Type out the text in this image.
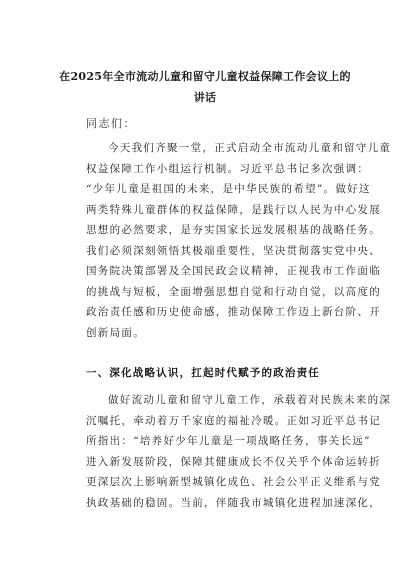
在2025年全市流动儿童和留守儿童权益保障工作会议上的
讲话
同志们：
今天我们齐聚一堂，正式启动全市流动儿童和留守儿童
权益保障工作小组运行机制。习近平总书记多次强调：
“少年儿童是祖国的未来，是中华民族的希望”。做好这
两类特殊儿童群体的权益保障，是践行以人民为中心发展
思想的必然要求，是夯实国家长远发展根基的战略任务。
我们必须深刻领悟其极端重要性，坚决贯彻落实党中央、
国务院决策部署及全国民政会议精神，正视我市工作面临
的挑战与短板，全面增强思想自觉和行动自觉，以高度的
政治责任感和历史使命感，推动保障工作迈上新台阶、开
创新局面。
一、深化战略认识，扛起时代赋予的政治责任
做好流动儿童和留守儿童工作，承载着对民族未来的深
沉嘱托，牵动着万千家庭的福祉冷暖。正如习近平总书记
所指出：“培养好少年儿童是一项战略任务，事关长远”
进入新发展阶段，保障其健康成长不仅关乎个体命运转折
更深层次上影响新型城镇化成色、社会公平正义维系与党
执政基础的稳固。当前，伴随我市城镇化进程加速深化，
